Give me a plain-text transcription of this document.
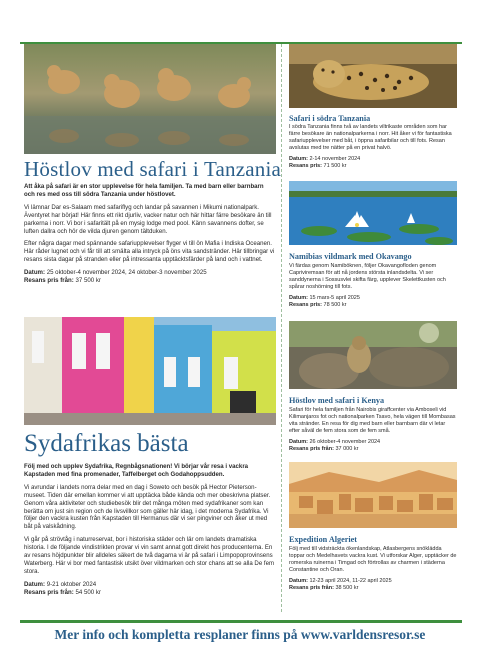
Höstlov med safari i Tanzania

Att åka på safari är en stor upplevelse för hela familjen. Ta med barn eller barnbarn och res med oss till södra Tanzania under höstlovet.

Vi lämnar Dar es-Salaam med safariflyg och landar på savannen i Mikumi nationalpark. Äventyret har börjat! Här finns ett rikt djurliv, vacker natur och här hittar färre besökare än till parkerna i norr. Vi bor i safaritält på en mysig lodge med pool. Känn savannens dofter, se luften dallra och hör de vilda djuren genom tältduken.

Efter några dagar med spännande safariupplevelser flyger vi till ön Mafia i Indiska Oceanen. Här råder lugnet och vi får till att smälta alla intryck på öns vita sandstränder. Här tillbringar vi resans sista dagar på stranden eller på intressanta upptäcktsfärder på land och i vattnet.

Datum: 25 oktober-4 november 2024, 24 oktober-3 november 2025

Resans pris från: 37 500 kr

Sydafrikas bästa

Följ med och upplev Sydafrika, Regnbågsnationen! Vi börjar vår resa i vackra Kapstaden med fina promenader, Taffelberget och Godahoppsudden.

Vi avrundar i landets norra delar med en dag i Soweto och besök på Hector Pieterson-museet. Tiden där emellan kommer vi att upptäcka både kända och mer obeskrivna platser. Genom våra aktiviteter och studiebesök blir det många möten med sydafrikaner som kan berätta om just sin region och de livsvillkor som gäller här idag, i det moderna Sydafrika. Vi följer den vackra kusten från Kapstaden till Hermanus där vi ser pingviner och åker ut med båt på valskådning.

Vi går på strövtåg i naturreservat, bor i historiska städer och lär om landets dramatiska historia. I de följande vindistrikten provar vi vin samt annat gott direkt hos producenterna. En av resans höjdpunkter blir alldeles säkert de två dagarna vi är på safari i Limpopoprovinsens Waterberg. Här vi bor med fantastisk utsikt över vildmarken och stor chans att se alla De fem stora.

Datum: 9-21 oktober 2024

Resans pris från: 54 500 kr

Safari i södra Tanzania

I södra Tanzania finns två av landets viltrikaste områden som har färre besökare än nationalparkerna i norr. Hit åker vi för fantastiska safariupplevelser med båt, i öppna safaribilar och till fots. Resan avslutas med tre nätter på en privat halvö.

Datum: 2-14 november 2024

Resans pris: 71 500 kr

Namibias vildmark med Okavango

Vi färdas genom Namiböknen, följer Okavangofloden genom Capriviremsan för att nå jordens största inlandsdelta. Vi ser sanddynerna i Sossusvlei skifta färg, upplever Skelettkusten och spårar noshörning till fots.

Datum: 15 mars-5 april 2025

Resans pris: 78 500 kr

Höstlov med safari i Kenya

Safari för hela familjen från Nairobis giraffcenter via Amboseli vid Kilimanjaros fot och nationalparken Tsavo, hela vägen till Mombasas vita stränder. En resa för dig med barn eller barnbarn där vi letar efter såväl de fem stora som de fem små.

Datum: 26 oktober-4 november 2024

Resans pris från: 37 000 kr

Expedition Algeriet

Följ med till vidsträckta ökenlandskap, Atlasbergens snöklädda toppar och Medelhavets vackra kust. Vi utforskar Alger, upptäcker de romerska ruinerna i Timgad och förtrollas av charmen i städerna Constantine och Oran.

Datum: 12-23 april 2024, 11-22 april 2025

Resans pris från: 38 500 kr

Mer info och kompletta resplaner finns på www.varldensresor.se
